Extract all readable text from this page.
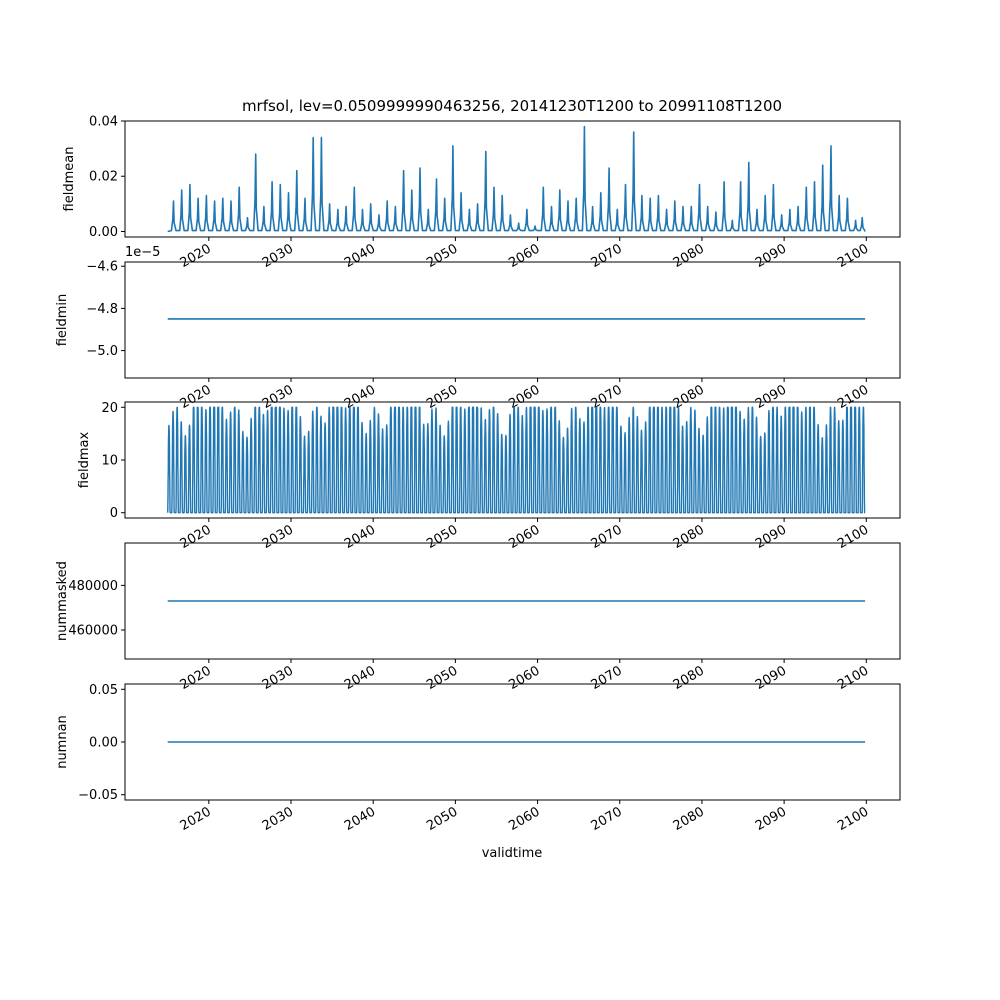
mrfsol, lev=0.0509999990463256, 20141230T1200 to 20991108T1200
0.00
0.02
0.04
fieldmean
2020	2030	2040	2050	2060	2070	2080	2090	2100
−4.6
−4.8
−5.0
fieldmin
1e−5
2020	2030	2040	2050	2060	2070	2080	2090	2100
0
10
20
fieldmax
2020	2030	2040	2050	2060	2070	2080	2090	2100
460000
480000
nummasked
2020	2030	2040	2050	2060	2070	2080	2090	2100
−0.05
0.00
0.05
numnan
2020	2030	2040	2050	2060	2070	2080	2090	2100
validtime
